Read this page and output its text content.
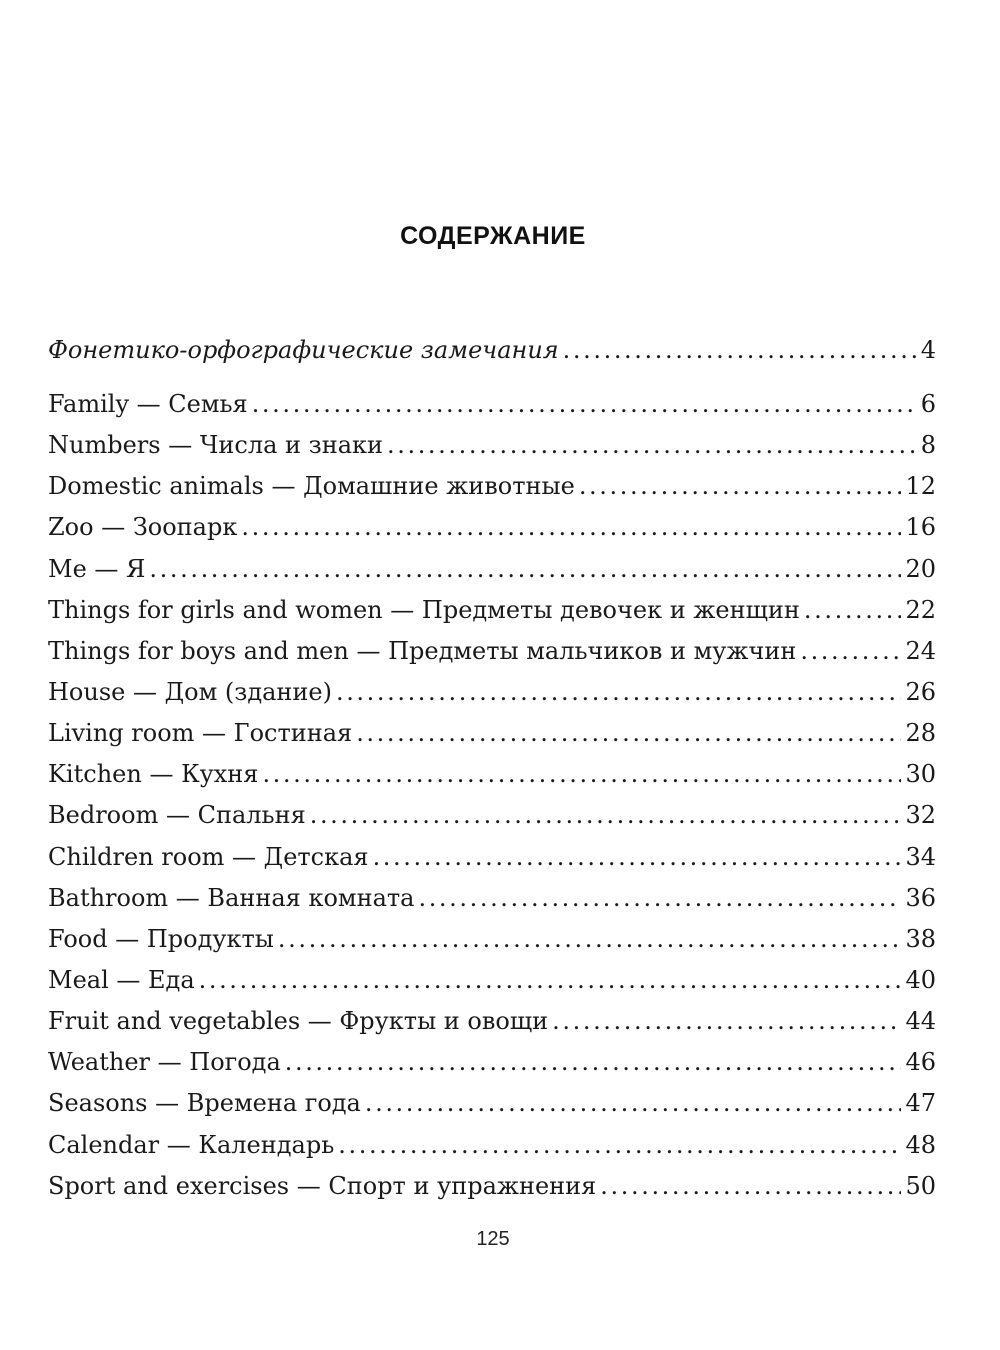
СОДЕРЖАНИЕ
Фонетико-орфографические замечания .....	4
Family — Семья .....	6
Numbers — Числа и знаки .....	8
Domestic animals — Домашние животные .....	12
Zoo — Зоопарк .....	16
Me — Я .....	20
Things for girls and women — Предметы девочек и женщин .....	22
Things for boys and men — Предметы мальчиков и мужчин .....	24
House — Дом (здание) .....	26
Living room — Гостиная .....	28
Kitchen — Кухня .....	30
Bedroom — Спальня .....	32
Children room — Детская .....	34
Bathroom — Ванная комната .....	36
Food — Продукты .....	38
Meal — Еда .....	40
Fruit and vegetables — Фрукты и овощи .....	44
Weather — Погода .....	46
Seasons — Времена года .....	47
Calendar — Календарь .....	48
Sport and exercises — Спорт и упражнения .....	50
125
